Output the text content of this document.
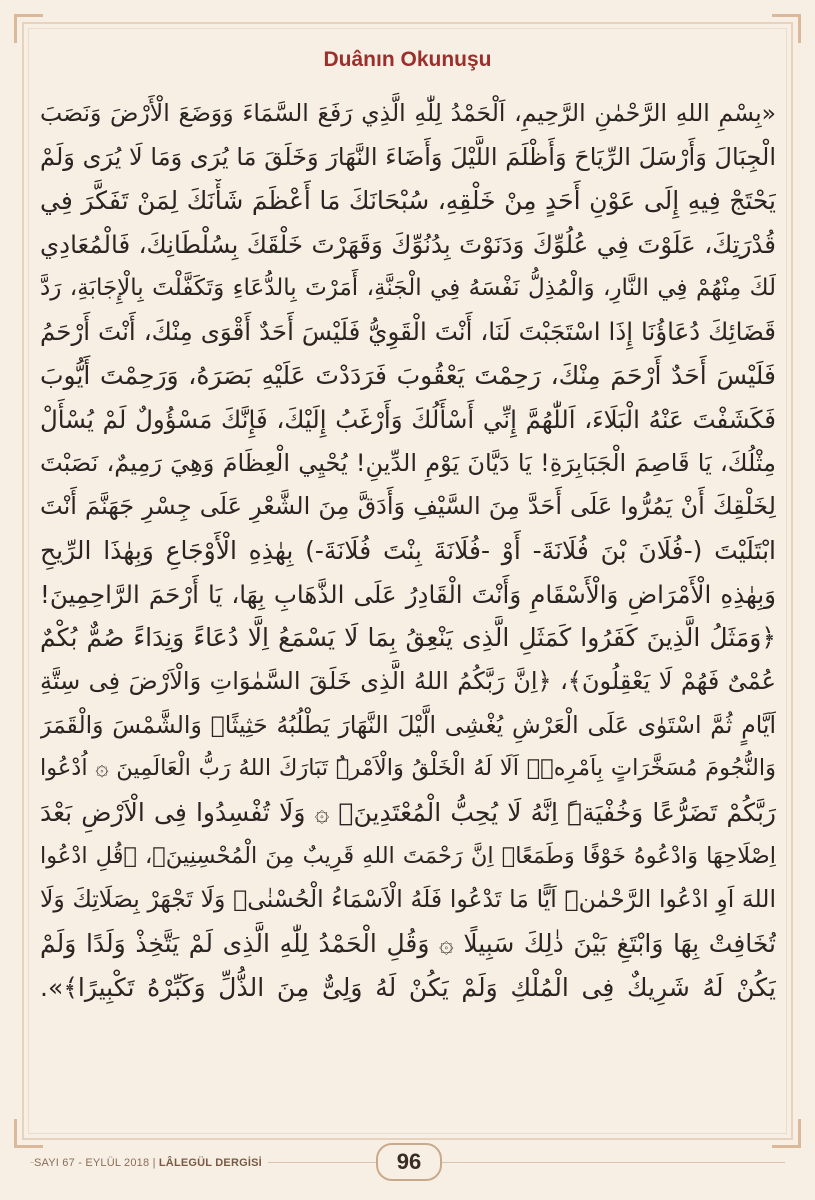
Duânın Okunuşu
«بِسْمِ اللهِ الرَّحْمٰنِ الرَّحِيمِ، اَلْحَمْدُ لِلّٰهِ الَّذِي رَفَعَ السَّمَاءَ وَوَضَعَ الْأَرْضَ وَنَصَبَ
الْجِبَالَ وَأَرْسَلَ الرِّيَاحَ وَأَظْلَمَ اللَّيْلَ وَأَضَاءَ النَّهَارَ وَخَلَقَ مَا يُرَى وَمَا لَا يُرَى وَلَمْ
يَحْتَجْ فِيهِ إِلَى عَوْنِ أَحَدٍ مِنْ خَلْقِهِ، سُبْحَانَكَ مَا أَعْظَمَ شَأْنَكَ لِمَنْ تَفَكَّرَ فِي
قُدْرَتِكَ، عَلَوْتَ فِي عُلُوِّكَ وَدَنَوْتَ بِدُنُوِّكَ وَقَهَرْتَ خَلْقَكَ بِسُلْطَانِكَ، فَالْمُعَادِي
لَكَ مِنْهُمْ فِي النَّارِ، وَالْمُذِلُّ نَفْسَهُ فِي الْجَنَّةِ، أَمَرْتَ بِالدُّعَاءِ وَتَكَفَّلْتَ بِالْإِجَابَةِ، رَدَّ
قَضَائِكَ دُعَاؤُنَا إِذَا اسْتَجَبْتَ لَنَا، أَنْتَ الْقَوِيُّ فَلَيْسَ أَحَدٌ أَقْوَى مِنْكَ، أَنْتَ أَرْحَمُ
فَلَيْسَ أَحَدٌ أَرْحَمَ مِنْكَ، رَحِمْتَ يَعْقُوبَ فَرَدَدْتَ عَلَيْهِ بَصَرَهُ، وَرَحِمْتَ أَيُّوبَ
فَكَشَفْتَ عَنْهُ الْبَلَاءَ، اَللّٰهُمَّ إِنِّي أَسْأَلُكَ وَأَرْغَبُ إِلَيْكَ، فَإِنَّكَ مَسْؤُولٌ لَمْ يُسْأَلْ
مِثْلُكَ، يَا قَاصِمَ الْجَبَابِرَةِ! يَا دَيَّانَ يَوْمِ الدِّينِ! يُحْيِي الْعِظَامَ وَهِيَ رَمِيمٌ، نَصَبْتَ
لِخَلْقِكَ أَنْ يَمُرُّوا عَلَى أَحَدَّ مِنَ السَّيْفِ وَأَدَقَّ مِنَ الشَّعْرِ عَلَى جِسْرِ جَهَنَّمَ أَنْتَ
ابْتَلَيْتَ (-فُلَانَ بْنَ فُلَانَةَ- أَوْ -فُلَانَةَ بِنْتَ فُلَانَةَ-) بِهٰذِهِ الْأَوْجَاعِ وَبِهٰذَا الرِّيحِ
وَبِهٰذِهِ الْأَمْرَاضِ وَالْأَسْقَامِ وَأَنْتَ الْقَادِرُ عَلَى الذَّهَابِ بِهَا، يَا أَرْحَمَ الرَّاحِمِينَ!
﴿وَمَثَلُ الَّذِينَ كَفَرُوا كَمَثَلِ الَّذِى يَنْعِقُ بِمَا لَا يَسْمَعُ اِلَّا دُعَاءً وَنِدَاءً صُمٌّ بُكْمٌ
عُمْىٌ فَهُمْ لَا يَعْقِلُونَ﴾، ﴿اِنَّ رَبَّكُمُ اللهُ الَّذِى خَلَقَ السَّمٰوَاتِ وَالْاَرْضَ فِى سِتَّةِ
اَيَّامٍ ثُمَّ اسْتَوٰى عَلَى الْعَرْشِ يُغْشِى الَّيْلَ النَّهَارَ يَطْلُبُهُ حَثِيثًاۙ وَالشَّمْسَ وَالْقَمَرَ
وَالنُّجُومَ مُسَخَّرَاتٍ بِاَمْرِهٖۜ اَلَا لَهُ الْخَلْقُ وَالْاَمْرُۜ تَبَارَكَ اللهُ رَبُّ الْعَالَمِينَ ۞ اُدْعُوا
رَبَّكُمْ تَضَرُّعًا وَخُفْيَةًۜ اِنَّهُ لَا يُحِبُّ الْمُعْتَدِينَۚ ۞ وَلَا تُفْسِدُوا فِى الْاَرْضِ بَعْدَ
اِصْلَاحِهَا وَادْعُوهُ خَوْفًا وَطَمَعًاۜ اِنَّ رَحْمَتَ اللهِ قَرِيبٌ مِنَ الْمُحْسِنِينَ﴾، ﴿قُلِ ادْعُوا
اللهَ اَوِ ادْعُوا الرَّحْمٰنَۜ اَيًّا مَا تَدْعُوا فَلَهُ الْاَسْمَاءُ الْحُسْنٰىۚ وَلَا تَجْهَرْ بِصَلَاتِكَ وَلَا
تُخَافِتْ بِهَا وَابْتَغِ بَيْنَ ذٰلِكَ سَبِيلًا ۞ وَقُلِ الْحَمْدُ لِلّٰهِ الَّذِى لَمْ يَتَّخِذْ وَلَدًا وَلَمْ
يَكُنْ لَهُ شَرِيكٌ فِى الْمُلْكِ وَلَمْ يَكُنْ لَهُ وَلِىٌّ مِنَ الذُّلِّ وَكَبِّرْهُ تَكْبِيرًا﴾».
SAYI 67 - EYLÜL 2018 | LÂLEGÜL DERGİSİ	96
